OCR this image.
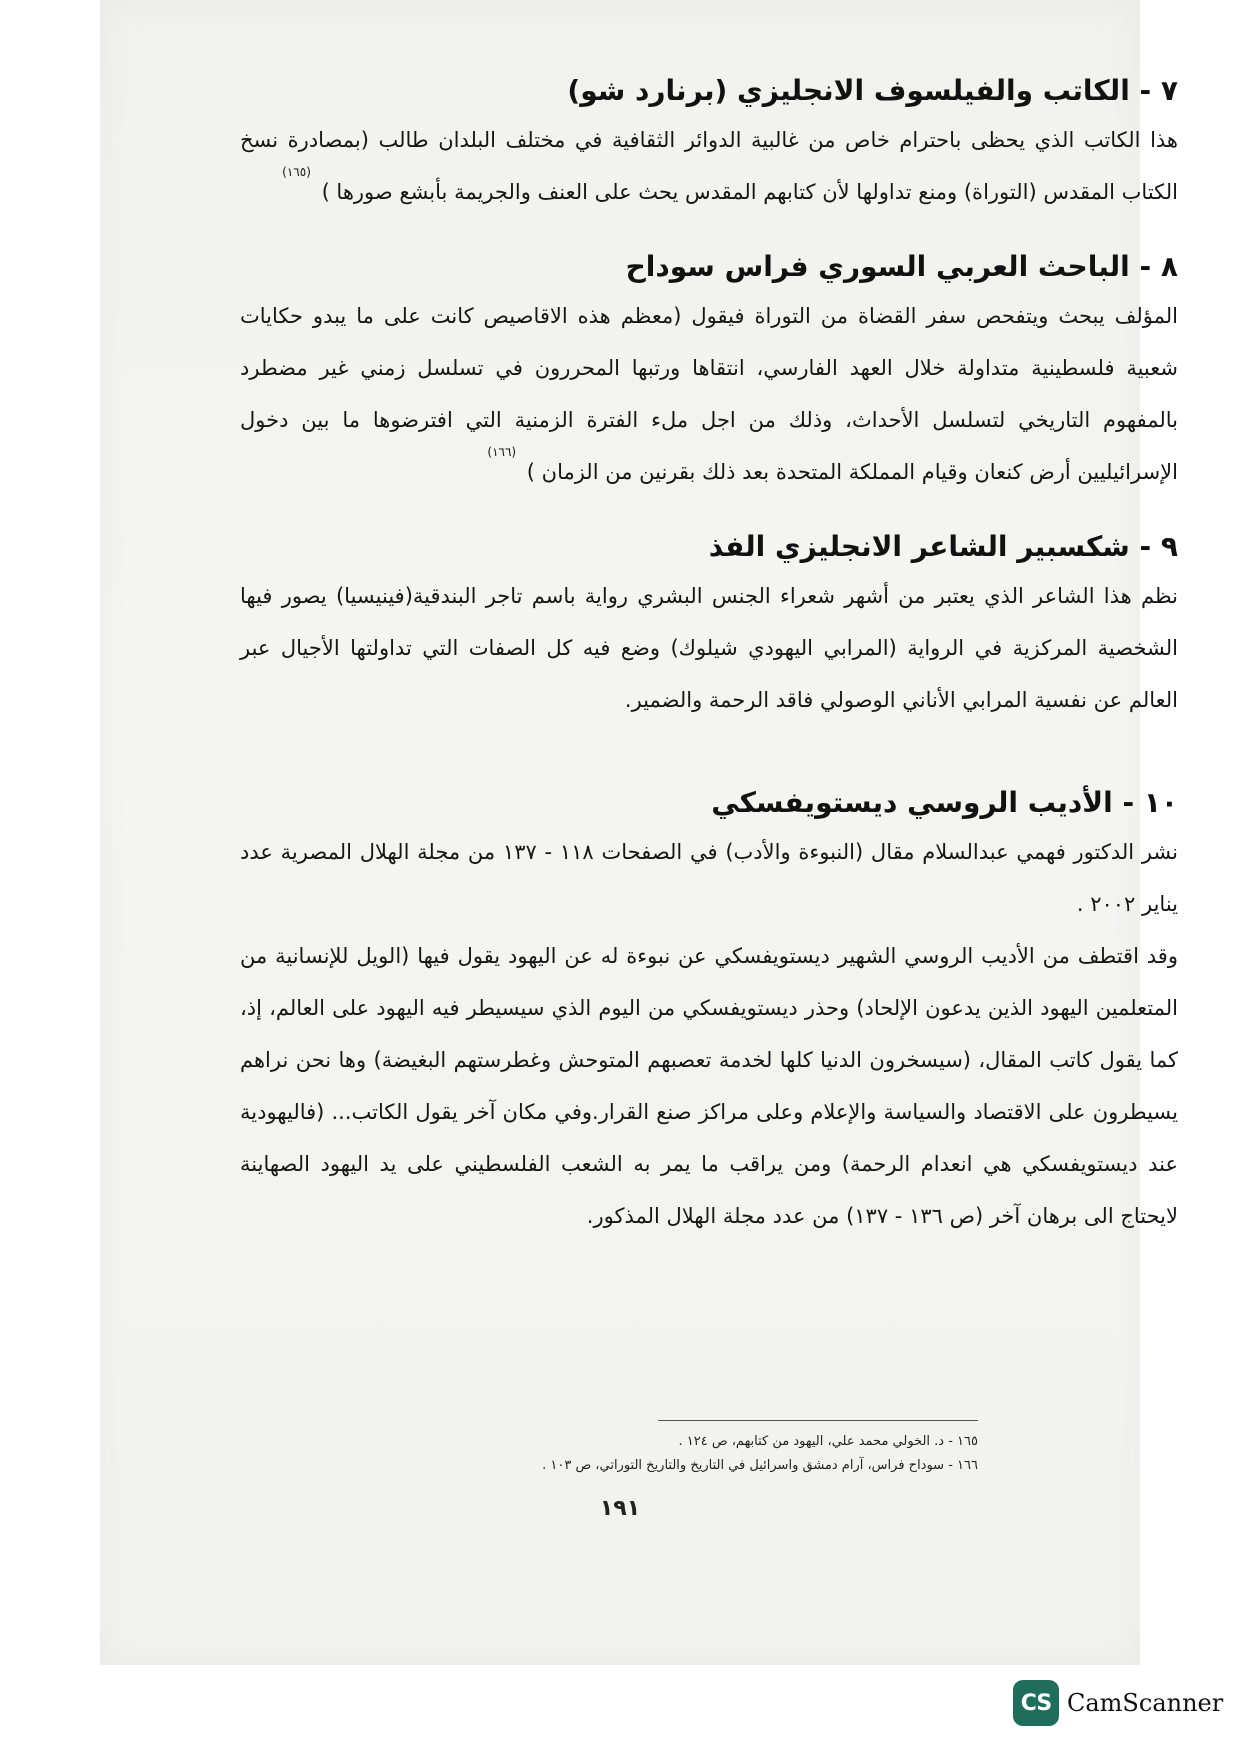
٧ - الكاتب والفيلسوف الانجليزي (برنارد شو)

هذا الكاتب الذي يحظى باحترام خاص من غالبية الدوائر الثقافية في مختلف البلدان طالب (بمصادرة نسخ الكتاب المقدس (التوراة) ومنع تداولها لأن كتابهم المقدس يحث على العنف والجريمة بأبشع صورها ) $^{(١٦٥)}$

٨ - الباحث العربي السوري فراس سوداح

المؤلف يبحث ويتفحص سفر القضاة من التوراة فيقول (معظم هذه الاقاصيص كانت على ما يبدو حكايات شعبية فلسطينية متداولة خلال العهد الفارسي، انتقاها ورتبها المحررون في تسلسل زمني غير مضطرد بالمفهوم التاريخي لتسلسل الأحداث، وذلك من اجل ملء الفترة الزمنية التي افترضوها ما بين دخول الإسرائيليين أرض كنعان وقيام المملكة المتحدة بعد ذلك بقرنين من الزمان ) $^{(١٦٦)}$

٩ - شكسبير الشاعر الانجليزي الفذ

نظم هذا الشاعر الذي يعتبر من أشهر شعراء الجنس البشري رواية باسم تاجر البندقية(فينيسيا) يصور فيها الشخصية المركزية في الرواية (المرابي اليهودي شيلوك) وضع فيه كل الصفات التي تداولتها الأجيال عبر العالم عن نفسية المرابي الأناني الوصولي فاقد الرحمة والضمير.

١٠ - الأديب الروسي ديستويفسكي

نشر الدكتور فهمي عبدالسلام مقال (النبوءة والأدب) في الصفحات ١١٨ - ١٣٧ من مجلة الهلال المصرية عدد يناير ٢٠٠٢ .

وقد اقتطف من الأديب الروسي الشهير ديستويفسكي عن نبوءة له عن اليهود يقول فيها (الويل للإنسانية من المتعلمين اليهود الذين يدعون الإلحاد) وحذر ديستويفسكي من اليوم الذي سيسيطر فيه اليهود على العالم، إذ، كما يقول كاتب المقال، (سيسخرون الدنيا كلها لخدمة تعصبهم المتوحش وغطرستهم البغيضة) وها نحن نراهم يسيطرون على الاقتصاد والسياسة والإعلام وعلى مراكز صنع القرار.وفي مكان آخر يقول الكاتب... (فاليهودية عند ديستويفسكي هي انعدام الرحمة) ومن يراقب ما يمر به الشعب الفلسطيني على يد اليهود الصهاينة لايحتاج الى برهان آخر (ص ١٣٦ - ١٣٧) من عدد مجلة الهلال المذكور.

١٦٥ - د. الخولي محمد علي، اليهود من كتابهم، ص ١٢٤ .

١٦٦ - سوداح فراس، آرام دمشق واسرائيل في التاريخ والتاريخ التوراتي، ص ١٠٣ .

١٩١
CS CamScanner
